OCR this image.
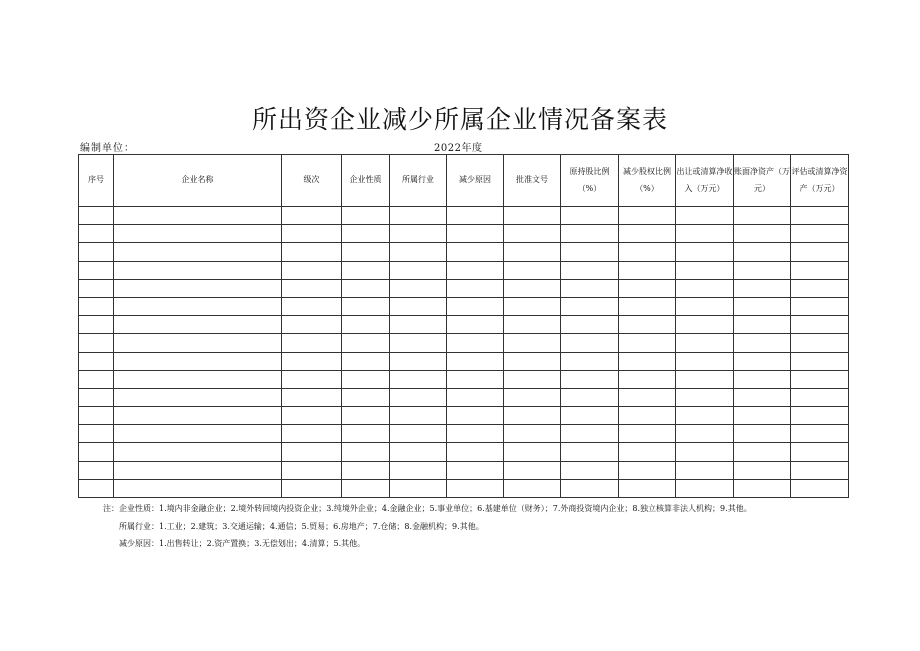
所出资企业减少所属企业情况备案表
编制单位：	2022年度
序号	企业名称	级次	企业性质	所属行业	减少原因	批准文号	原持股比例（%）	减少股权比例（%）	出让或清算净收入（万元）	账面净资产（万元）	评估或清算净资产（万元）

注：企业性质：1.境内非金融企业；2.境外转回境内投资企业；3.纯境外企业；4.金融企业；5.事业单位；6.基建单位（财务）；7.外商投资境内企业；8.独立核算非法人机构；9.其他。
所属行业：1.工业；2.建筑；3.交通运输；4.通信；5.贸易；6.房地产；7.仓储；8.金融机构；9.其他。
减少原因：1.出售转让；2.资产置换；3.无偿划出；4.清算；5.其他。
